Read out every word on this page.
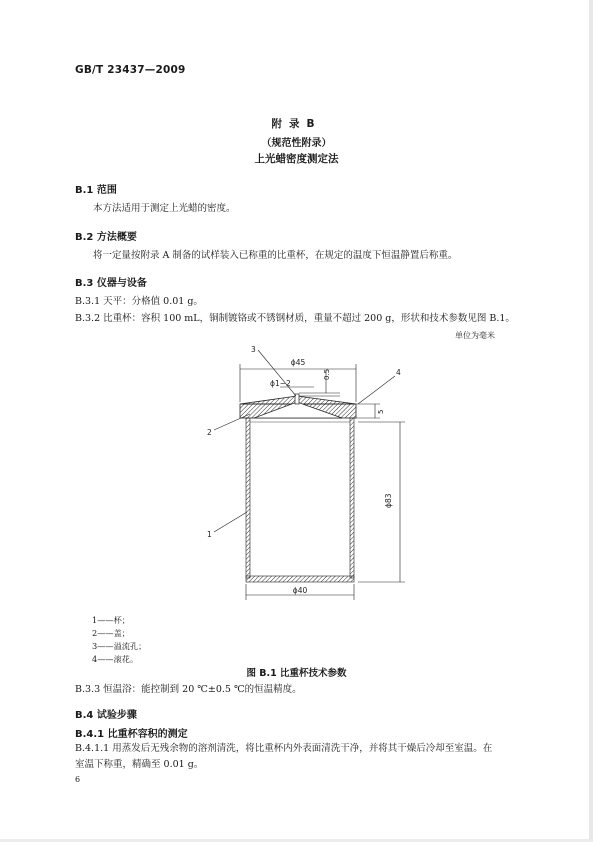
GB/T 23437—2009
附录B
（规范性附录）
上光蜡密度测定法
B.1 范围
本方法适用于测定上光蜡的密度。
B.2 方法概要
将一定量按附录 A 制备的试样装入已称重的比重杯，在规定的温度下恒温静置后称重。
B.3 仪器与设备
B.3.1 天平：分格值 0.01 g。
B.3.2 比重杯：容积 100 mL，铜制镀铬或不锈钢材质，重量不超过 200 g，形状和技术参数见图 B.1。
单位为毫米
ϕ45
ϕ1~2
0.5
5
ϕ83
ϕ40
3
4
2
1
1——杯；
2——盖；
3——溢流孔；
4——滚花。
图 B.1 比重杯技术参数
B.3.3 恒温浴：能控制到 20 ℃±0.5 ℃的恒温精度。
B.4 试验步骤
B.4.1 比重杯容积的测定
B.4.1.1 用蒸发后无残余物的溶剂清洗，将比重杯内外表面清洗干净，并将其干燥后冷却至室温。在
室温下称重，精确至 0.01 g。
6
